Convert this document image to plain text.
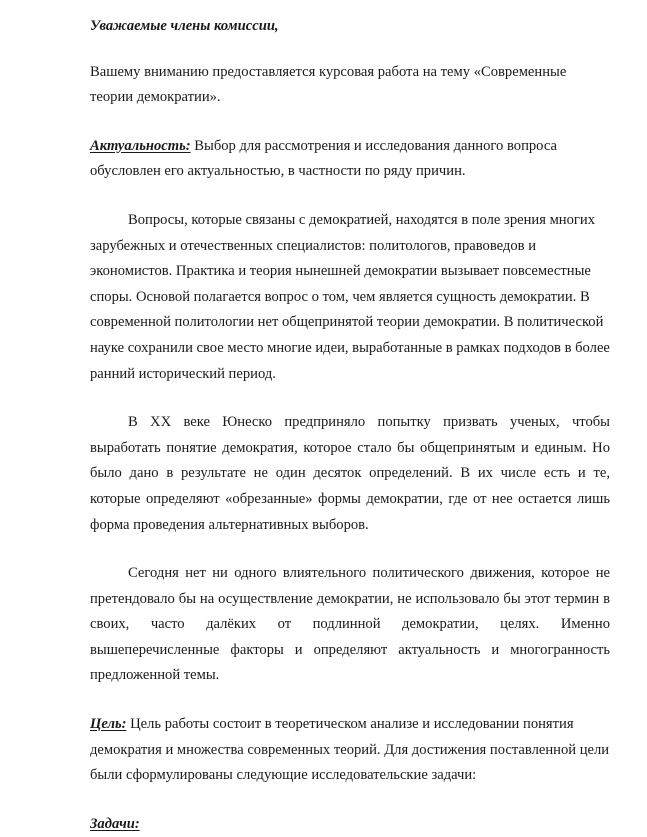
Уважаемые члены комиссии,

Вашему вниманию предоставляется курсовая работа на тему «Современные теории демократии».

Актуальность: Выбор для рассмотрения и исследования данного вопроса обусловлен его актуальностью, в частности по ряду причин.

Вопросы, которые связаны с демократией, находятся в поле зрения многих зарубежных и отечественных специалистов: политологов, правоведов и экономистов. Практика и теория нынешней демократии вызывает повсеместные споры. Основой полагается вопрос о том, чем является сущность демократии. В современной политологии нет общепринятой теории демократии. В политической науке сохранили свое место многие идеи, выработанные в рамках подходов в более ранний исторический период.

В XX веке Юнеско предприняло попытку призвать ученых, чтобы выработать понятие демократия, которое стало бы общепринятым и единым. Но было дано в результате не один десяток определений. В их числе есть и те, которые определяют «обрезанные» формы демократии, где от нее остается лишь форма проведения альтернативных выборов.

Сегодня нет ни одного влиятельного политического движения, которое не претендовало бы на осуществление демократии, не использовало бы этот термин в своих, часто далёких от подлинной демократии, целях. Именно вышеперечисленные факторы и определяют актуальность и многогранность предложенной темы.

Цель: Цель работы состоит в теоретическом анализе и исследовании понятия демократия и множества современных теорий. Для достижения поставленной цели были сформулированы следующие исследовательские задачи:

Задачи:
